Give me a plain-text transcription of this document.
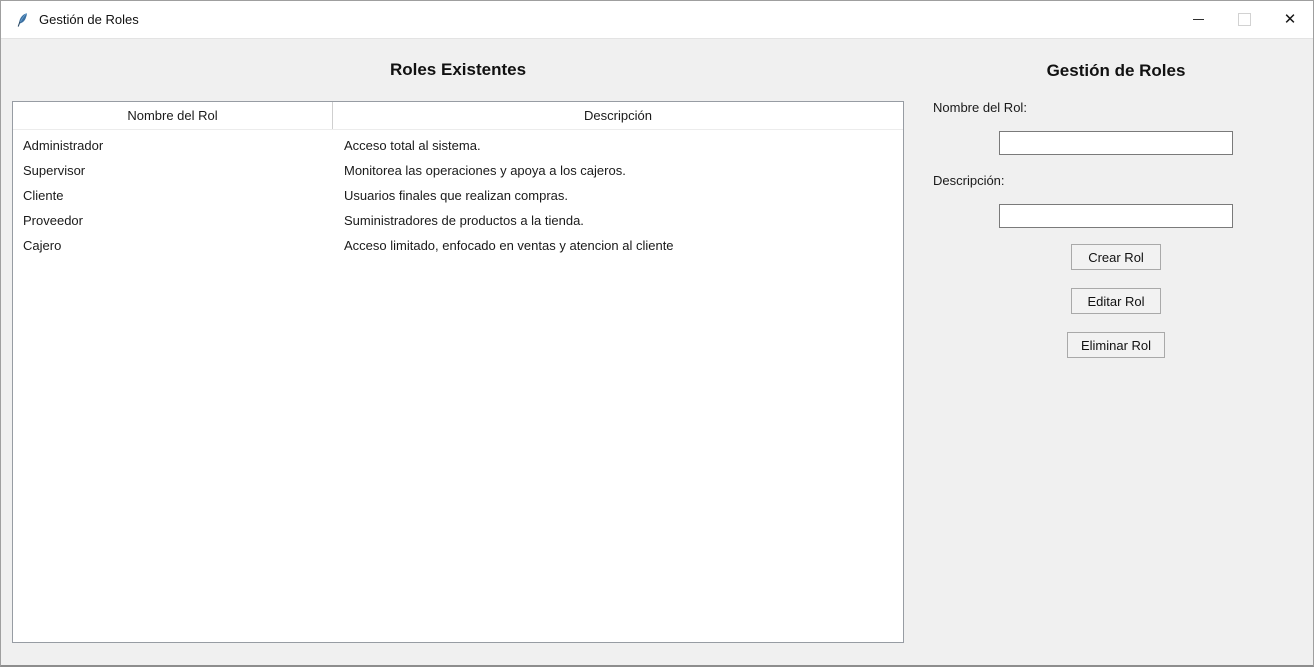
Gestión de Roles	✕
Roles Existentes
Nombre del Rol	Descripción
Administrador	Acceso total al sistema.
Supervisor	Monitorea las operaciones y apoya a los cajeros.
Cliente	Usuarios finales que realizan compras.
Proveedor	Suministradores de productos a la tienda.
Cajero	Acceso limitado, enfocado en ventas y atencion al cliente
Gestión de Roles
Nombre del Rol:
Descripción:
Crear Rol
Editar Rol
Eliminar Rol
